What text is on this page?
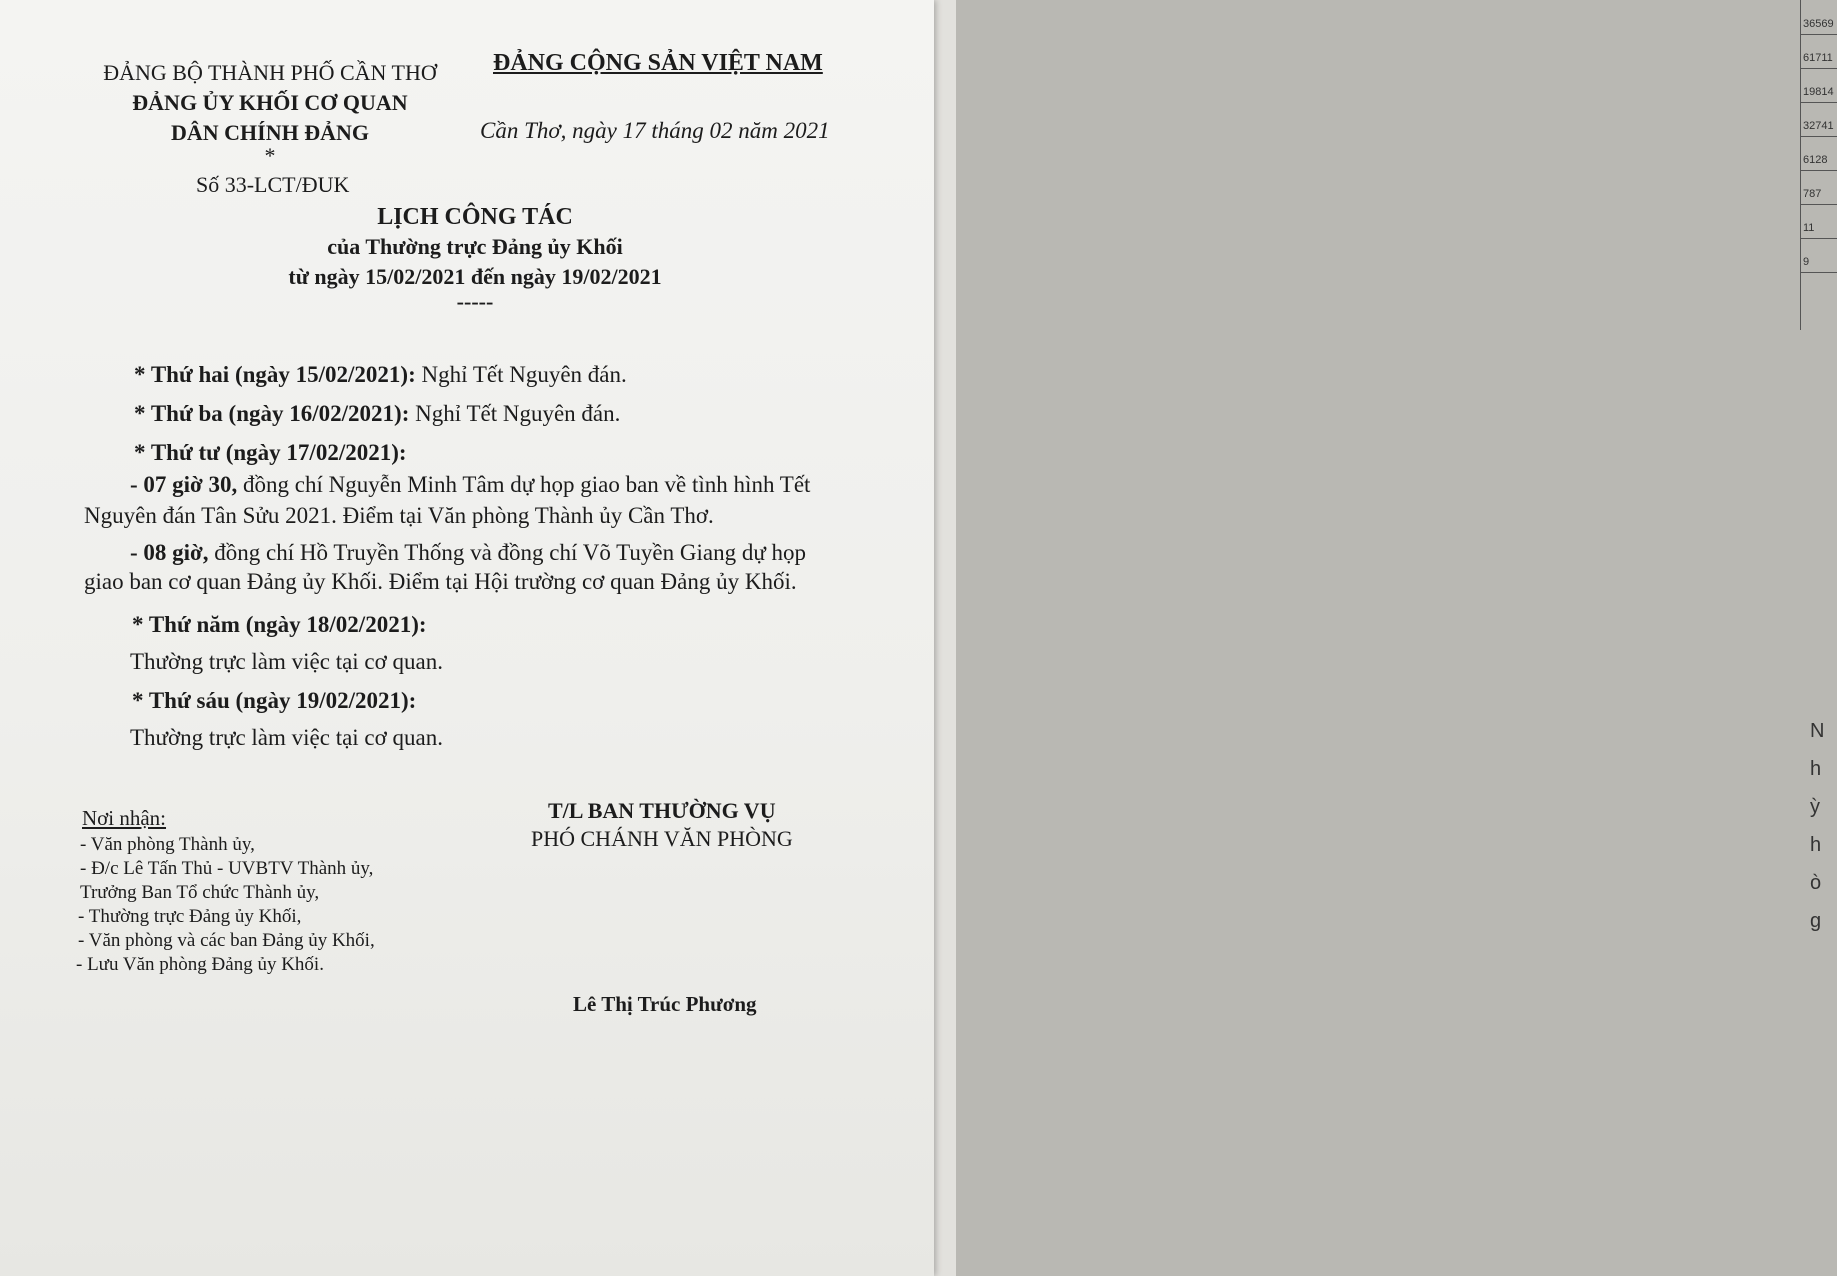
36569
61711
19814
32741
6128
787
11
9
N
h
ỳ
h
ò
g
ĐẢNG BỘ THÀNH PHỐ CẦN THƠ
ĐẢNG ỦY KHỐI CƠ QUAN
DÂN CHÍNH ĐẢNG
*
Số 33-LCT/ĐUK
ĐẢNG CỘNG SẢN VIỆT NAM
Cần Thơ, ngày 17 tháng 02 năm 2021
LỊCH CÔNG TÁC
của Thường trực Đảng ủy Khối
từ ngày 15/02/2021 đến ngày 19/02/2021
-----
* Thứ hai (ngày 15/02/2021): Nghỉ Tết Nguyên đán.
* Thứ ba (ngày 16/02/2021): Nghỉ Tết Nguyên đán.
* Thứ tư (ngày 17/02/2021):
- 07 giờ 30, đồng chí Nguyễn Minh Tâm dự họp giao ban về tình hình Tết
Nguyên đán Tân Sửu 2021. Điểm tại Văn phòng Thành ủy Cần Thơ.
- 08 giờ, đồng chí Hồ Truyền Thống và đồng chí Võ Tuyền Giang dự họp
giao ban cơ quan Đảng ủy Khối. Điểm tại Hội trường cơ quan Đảng ủy Khối.
* Thứ năm (ngày 18/02/2021):
Thường trực làm việc tại cơ quan.
* Thứ sáu (ngày 19/02/2021):
Thường trực làm việc tại cơ quan.
Nơi nhận:
- Văn phòng Thành ủy,
- Đ/c Lê Tấn Thủ - UVBTV Thành ủy,
Trưởng Ban Tổ chức Thành ủy,
- Thường trực Đảng ủy Khối,
- Văn phòng và các ban Đảng ủy Khối,
- Lưu Văn phòng Đảng ủy Khối.
T/L BAN THƯỜNG VỤ
PHÓ CHÁNH VĂN PHÒNG
Lê Thị Trúc Phương
